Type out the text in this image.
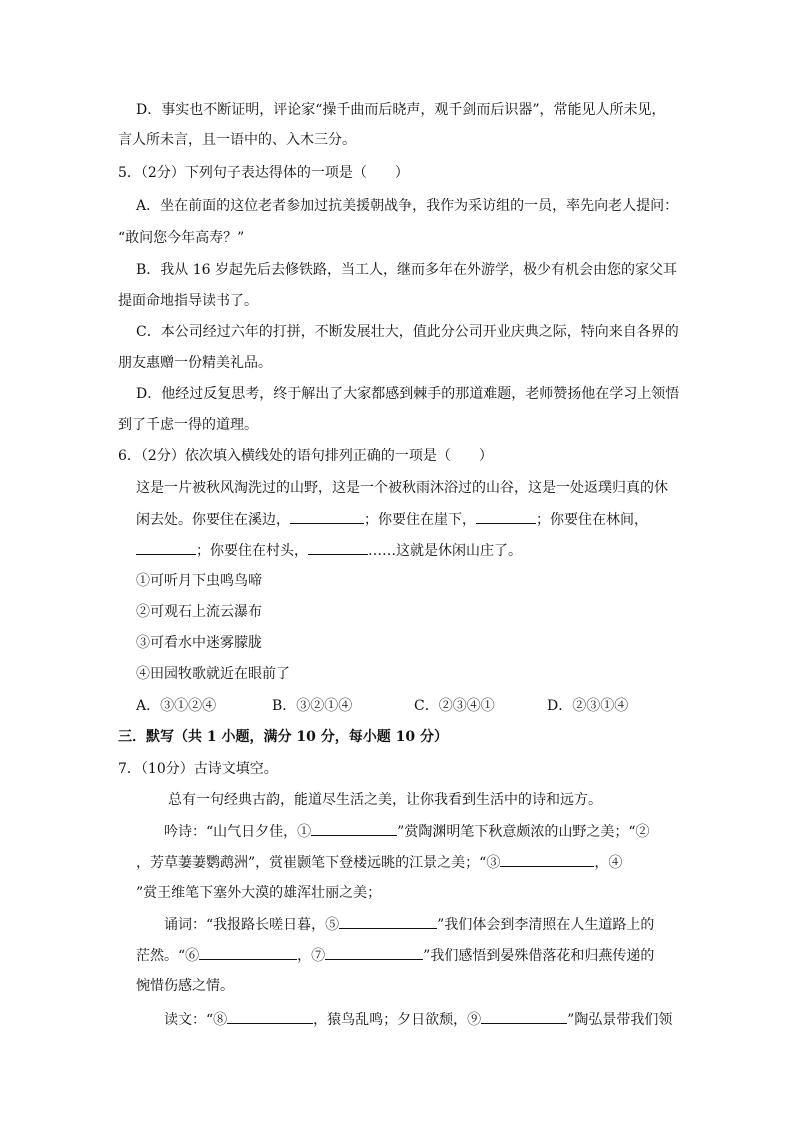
D．事实也不断证明，评论家“操千曲而后晓声，观千剑而后识器”，常能见人所未见，
言人所未言，且一语中的、入木三分。
5．（2分）下列句子表达得体的一项是（　　）
A．坐在前面的这位老者参加过抗美援朝战争，我作为采访组的一员，率先向老人提问：
“敢问您今年高寿？”
B．我从 16 岁起先后去修铁路，当工人，继而多年在外游学，极少有机会由您的家父耳
提面命地指导读书了。
C．本公司经过六年的打拼，不断发展壮大，值此分公司开业庆典之际，特向来自各界的
朋友惠赠一份精美礼品。
D．他经过反复思考，终于解出了大家都感到棘手的那道难题，老师赞扬他在学习上领悟
到了千虑一得的道理。
6．（2分）依次填入横线处的语句排列正确的一项是（　　）
这是一片被秋风淘洗过的山野，这是一个被秋雨沐浴过的山谷，这是一处返璞归真的休
闲去处。你要住在溪边，	；你要住在崖下，	；你要住在林间，
；你要住在村头，	……这就是休闲山庄了。
①可听月下虫鸣鸟啼
②可观石上流云瀑布
③可看水中迷雾朦胧
④田园牧歌就近在眼前了
A．③①②④	B．③②①④	C．②③④①	D．②③①④
三．默写（共 1 小题，满分 10 分，每小题 10 分）
7．（10分）古诗文填空。
总有一句经典古韵，能道尽生活之美，让你我看到生活中的诗和远方。
吟诗：“山气日夕佳，①	”赏陶渊明笔下秋意颇浓的山野之美；“②
，芳草萋萋鹦鹉洲”，赏崔颢笔下登楼远眺的江景之美；“③	，④
”赏王维笔下塞外大漠的雄浑壮丽之美；
诵词：“我报路长嗟日暮，⑤	”我们体会到李清照在人生道路上的
茫然。“⑥	，⑦	”我们感悟到晏殊借落花和归燕传递的
惋惜伤感之情。
读文：“⑧	，猿鸟乱鸣；夕日欲颓，⑨	”陶弘景带我们领
